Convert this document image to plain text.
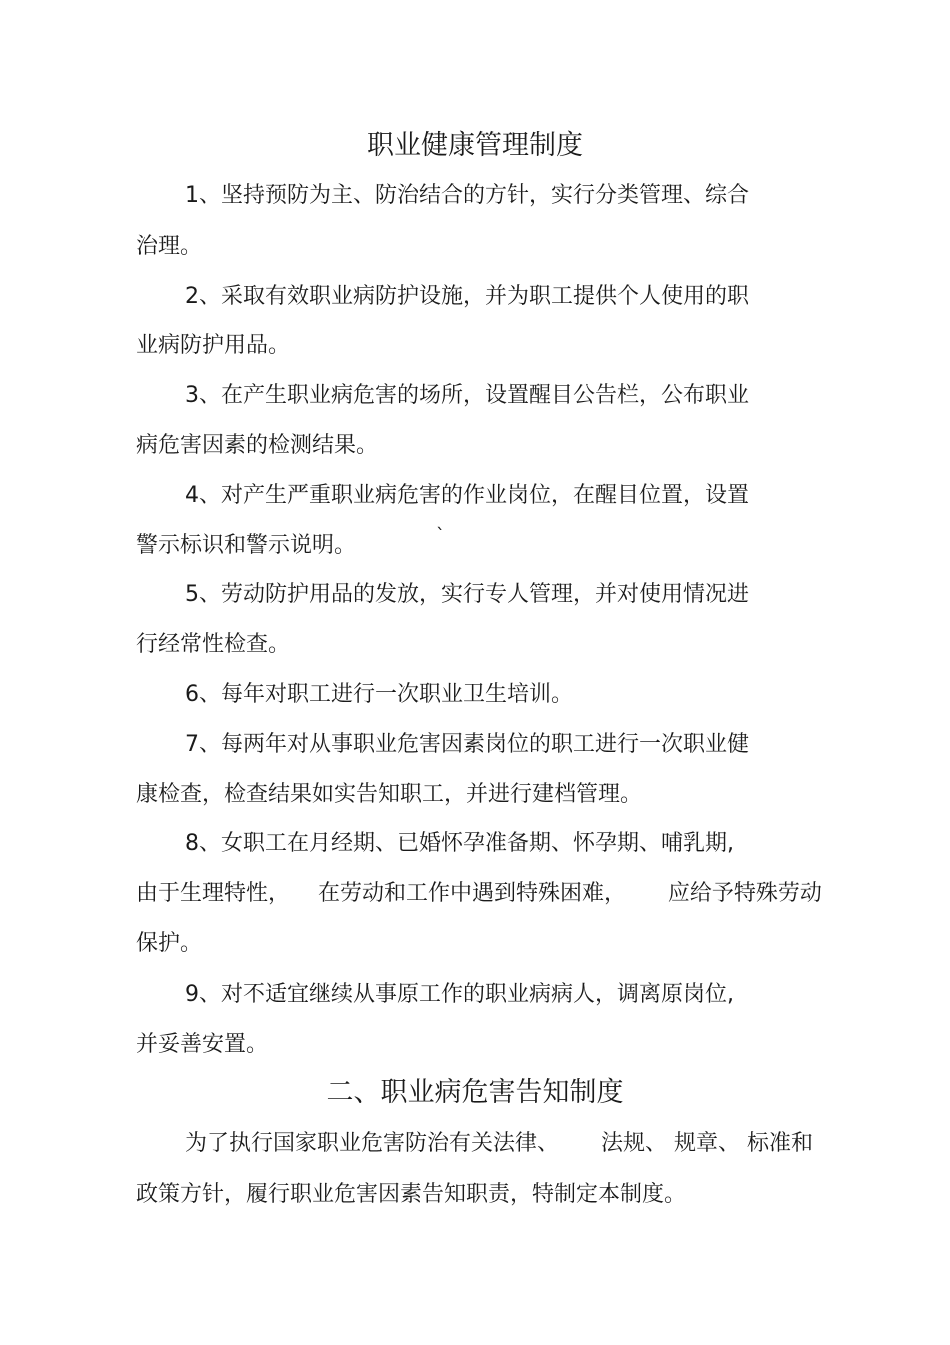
职业健康管理制度

1、坚持预防为主、防治结合的方针，实行分类管理、综合

治理。

2、采取有效职业病防护设施，并为职工提供个人使用的职

业病防护用品。

3、在产生职业病危害的场所，设置醒目公告栏，公布职业

病危害因素的检测结果。

4、对产生严重职业病危害的作业岗位，在醒目位置，设置

警示标识和警示说明。	`

5、劳动防护用品的发放，实行专人管理，并对使用情况进

行经常性检查。

6、每年对职工进行一次职业卫生培训。

7、每两年对从事职业危害因素岗位的职工进行一次职业健

康检查，检查结果如实告知职工，并进行建档管理。

8、女职工在月经期、已婚怀孕准备期、怀孕期、哺乳期,

由于生理特性，    在劳动和工作中遇到特殊困难，      应给予特殊劳动

保护。

9、对不适宜继续从事原工作的职业病病人，调离原岗位,

并妥善安置。

二、职业病危害告知制度

为了执行国家职业危害防治有关法律、      法规、 规章、 标准和

政策方针，履行职业危害因素告知职责，特制定本制度。
